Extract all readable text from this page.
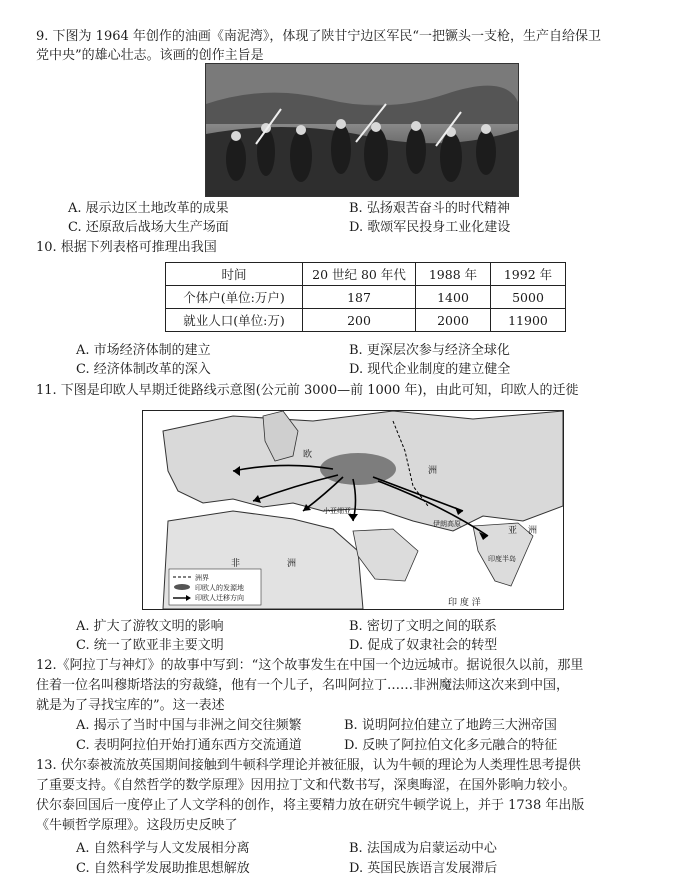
9. 下图为 1964 年创作的油画《南泥湾》，体现了陕甘宁边区军民“一把镢头一支枪，生产自给保卫
党中央”的雄心壮志。该画的创作主旨是
A. 展示边区土地改革的成果	B. 弘扬艰苦奋斗的时代精神
C. 还原敌后战场大生产场面	D. 歌颂军民投身工业化建设
10. 根据下列表格可推理出我国
时间	20 世纪 80 年代	1988 年	1992 年
个体户(单位:万户)	187	1400	5000
就业人口(单位:万)	200	2000	11900
A. 市场经济体制的建立	B. 更深层次参与经济全球化
C. 经济体制改革的深入	D. 现代企业制度的建立健全
11. 下图是印欧人早期迁徙路线示意图(公元前 3000—前 1000 年)，由此可知，印欧人的迁徙
欧
洲
非	洲
小亚细亚
伊朗高原
印度半岛
亚 洲
印 度 洋
洲界
印欧人的发源地
印欧人迁移方向
A. 扩大了游牧文明的影响	B. 密切了文明之间的联系
C. 统一了欧亚非主要文明	D. 促成了奴隶社会的转型
12.《阿拉丁与神灯》的故事中写到：“这个故事发生在中国一个边远城市。据说很久以前，那里
住着一位名叫穆斯塔法的穷裁缝，他有一个儿子，名叫阿拉丁……非洲魔法师这次来到中国，
就是为了寻找宝库的”。这一表述
A. 揭示了当时中国与非洲之间交往频繁	B. 说明阿拉伯建立了地跨三大洲帝国
C. 表明阿拉伯开始打通东西方交流通道	D. 反映了阿拉伯文化多元融合的特征
13. 伏尔泰被流放英国期间接触到牛顿科学理论并被征服，认为牛顿的理论为人类理性思考提供
了重要支持。《自然哲学的数学原理》因用拉丁文和代数书写，深奥晦涩，在国外影响力较小。
伏尔泰回国后一度停止了人文学科的创作，将主要精力放在研究牛顿学说上，并于 1738 年出版
《牛顿哲学原理》。这段历史反映了
A. 自然科学与人文发展相分离	B. 法国成为启蒙运动中心
C. 自然科学发展助推思想解放	D. 英国民族语言发展滞后
